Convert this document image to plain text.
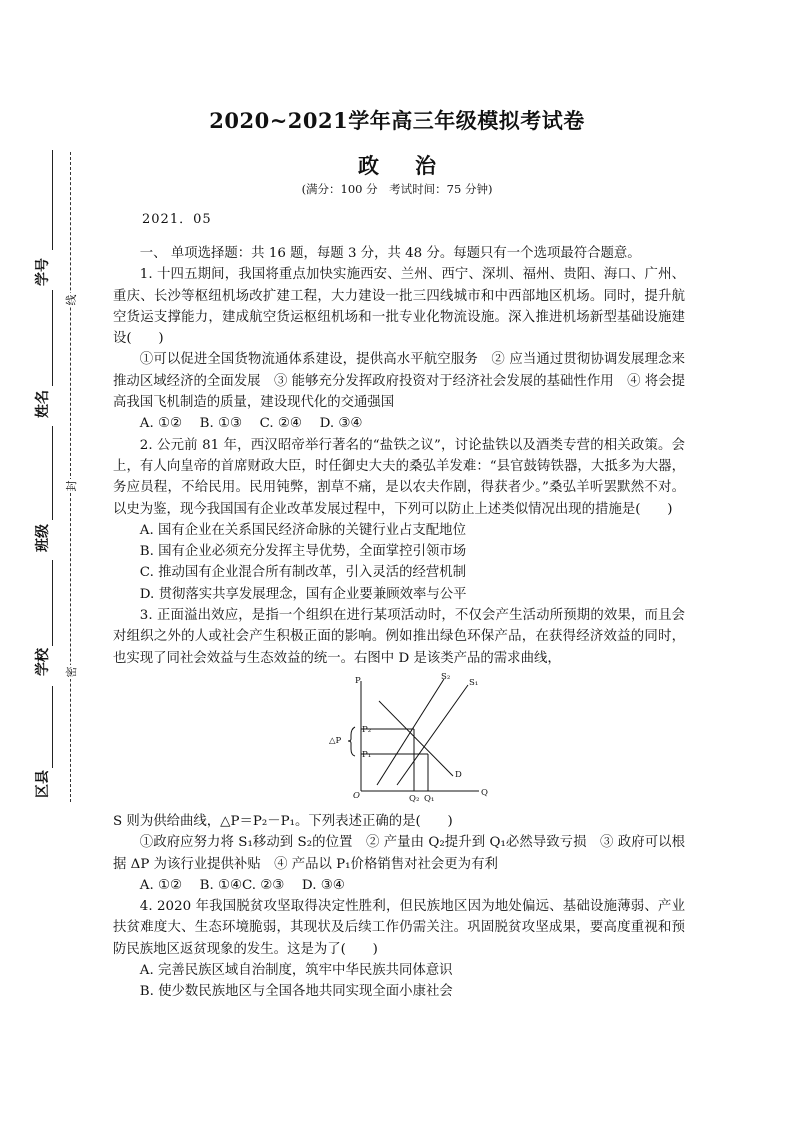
学号
姓名
班级
学校
区县
线
封
密
2020~2021学年高三年级模拟考试卷
政治
(满分：100 分　考试时间：75 分钟)
2021．05

一、 单项选择题：共 16 题，每题 3 分，共 48 分。每题只有一个选项最符合题意。

1. 十四五期间，我国将重点加快实施西安、兰州、西宁、深圳、福州、贵阳、海口、广州、重庆、长沙等枢纽机场改扩建工程，大力建设一批三四线城市和中西部地区机场。同时，提升航空货运支撑能力，建成航空货运枢纽机场和一批专业化物流设施。深入推进机场新型基础设施建设(　　)

①可以促进全国货物流通体系建设，提供高水平航空服务　② 应当通过贯彻协调发展理念来推动区域经济的全面发展　③ 能够充分发挥政府投资对于经济社会发展的基础性作用　④ 将会提高我国飞机制造的质量，建设现代化的交通强国

A. ①②　 B. ①③　 C. ②④　 D. ③④

2. 公元前 81 年，西汉昭帝举行著名的“盐铁之议”，讨论盐铁以及酒类专营的相关政策。会上，有人向皇帝的首席财政大臣，时任御史大夫的桑弘羊发难：“县官鼓铸铁器，大抵多为大器，务应员程，不给民用。民用钝弊，割草不痛，是以农夫作剧，得获者少。”桑弘羊听罢默然不对。以史为鉴，现今我国国有企业改革发展过程中，下列可以防止上述类似情况出现的措施是(　　)

A. 国有企业在关系国民经济命脉的关键行业占支配地位

B. 国有企业必须充分发挥主导优势，全面掌控引领市场

C. 推动国有企业混合所有制改革，引入灵活的经营机制

D. 贯彻落实共享发展理念，国有企业要兼顾效率与公平

3. 正面溢出效应，是指一个组织在进行某项活动时，不仅会产生活动所预期的效果，而且会对组织之外的人或社会产生积极正面的影响。例如推出绿色环保产品，在获得经济效益的同时，也实现了同社会效益与生态效益的统一。右图中 D 是该类产品的需求曲线，

P
Q
O
S₂
S₁
D
P₂
P₁
△P
Q₂ Q₁

S 则为供给曲线，△P＝P₂－P₁。下列表述正确的是(　　)

①政府应努力将 S₁移动到 S₂的位置　② 产量由 Q₂提升到 Q₁必然导致亏损　③ 政府可以根据 ΔP 为该行业提供补贴　④ 产品以 P₁价格销售对社会更为有利

A. ①②　 B. ①④C. ②③　 D. ③④

4. 2020 年我国脱贫攻坚取得决定性胜利，但民族地区因为地处偏远、基础设施薄弱、产业扶贫难度大、生态环境脆弱，其现状及后续工作仍需关注。巩固脱贫攻坚成果，要高度重视和预防民族地区返贫现象的发生。这是为了(　　)

A. 完善民族区域自治制度，筑牢中华民族共同体意识

B. 使少数民族地区与全国各地共同实现全面小康社会
